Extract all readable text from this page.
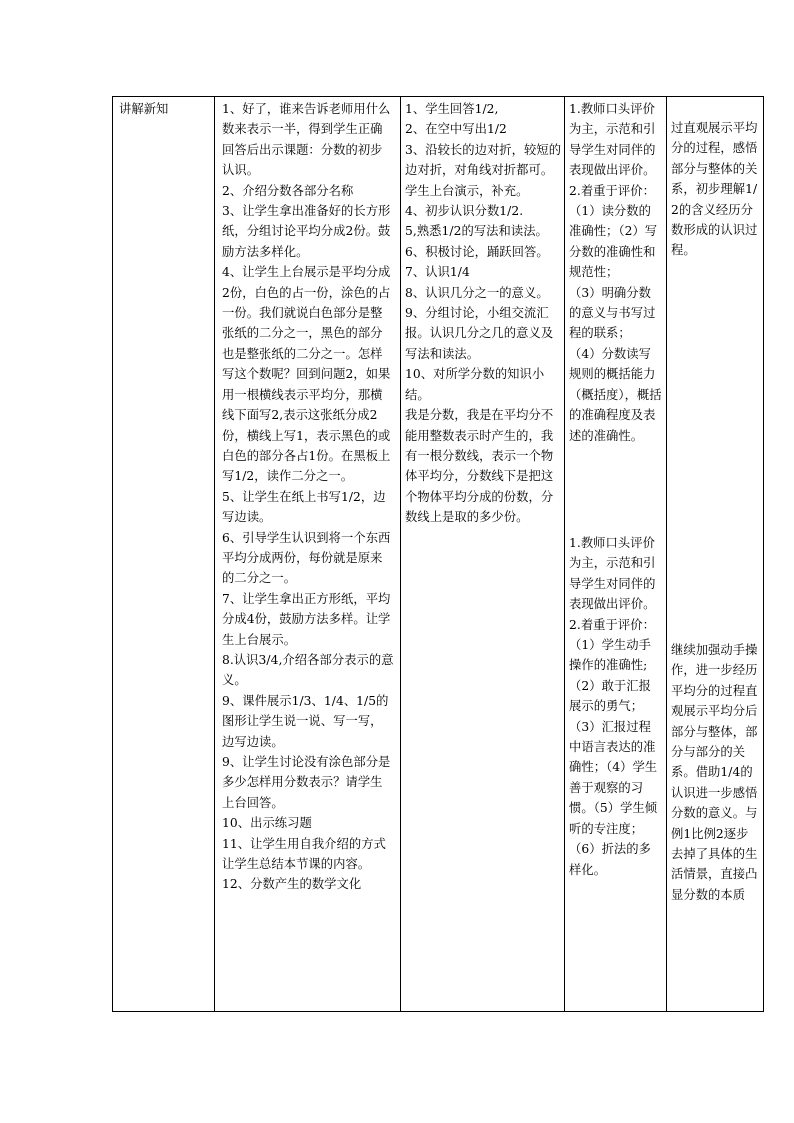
讲解新知	1、好了，谁来告诉老师用什么数来表示一半，得到学生正确回答后出示课题：分数的初步认识。
2、介绍分数各部分名称
3、让学生拿出准备好的长方形纸，分组讨论平均分成2份。鼓励方法多样化。
4、让学生上台展示是平均分成2份，白色的占一份，涂色的占一份。我们就说白色部分是整张纸的二分之一，黑色的部分也是整张纸的二分之一。怎样写这个数呢？回到问题2，如果用一根横线表示平均分，那横线下面写2,表示这张纸分成2份，横线上写1，表示黑色的或白色的部分各占1份。在黑板上写1/2，读作二分之一。
5、让学生在纸上书写1/2，边写边读。
6、引导学生认识到将一个东西平均分成两份，每份就是原来的二分之一。
7、让学生拿出正方形纸，平均分成4份，鼓励方法多样。让学生上台展示。
8.认识3/4,介绍各部分表示的意义。
9、课件展示1/3、1/4、1/5的图形让学生说一说、写一写，边写边读。
9、让学生讨论没有涂色部分是多少怎样用分数表示？请学生上台回答。
10、出示练习题
11、让学生用自我介绍的方式让学生总结本节课的内容。
12、分数产生的数学文化
1、学生回答1/2,
2、在空中写出1/2
3、沿较长的边对折，较短的边对折，对角线对折都可。学生上台演示，补充。
4、初步认识分数1/2.
5,熟悉1/2的写法和读法。
6、积极讨论，踊跃回答。
7、认识1/4
8、认识几分之一的意义。
9、分组讨论，小组交流汇报。认识几分之几的意义及写法和读法。
10、对所学分数的知识小结。
我是分数，我是在平均分不能用整数表示时产生的，我有一根分数线，表示一个物体平均分，分数线下是把这个物体平均分成的份数，分数线上是取的多少份。
1.教师口头评价为主，示范和引导学生对同伴的表现做出评价。
2.着重于评价：
（1）读分数的准确性；（2）写分数的准确性和规范性；
（3）明确分数的意义与书写过程的联系；
（4）分数读写规则的概括能力（概括度），概括的准确程度及表述的准确性。
1.教师口头评价为主，示范和引导学生对同伴的表现做出评价。
2.着重于评价：
（1）学生动手操作的准确性;（2）敢于汇报展示的勇气；（3）汇报过程中语言表达的准确性；（4）学生善于观察的习惯。（5）学生倾听的专注度；（6）折法的多样化。
过直观展示平均分的过程，感悟部分与整体的关系，初步理解1/2的含义经历分数形成的认识过程。
继续加强动手操作，进一步经历平均分的过程直观展示平均分后部分与整体，部分与部分的关系。借助1/4的认识进一步感悟分数的意义。与例1比例2逐步去掉了具体的生活情景，直接凸显分数的本质
